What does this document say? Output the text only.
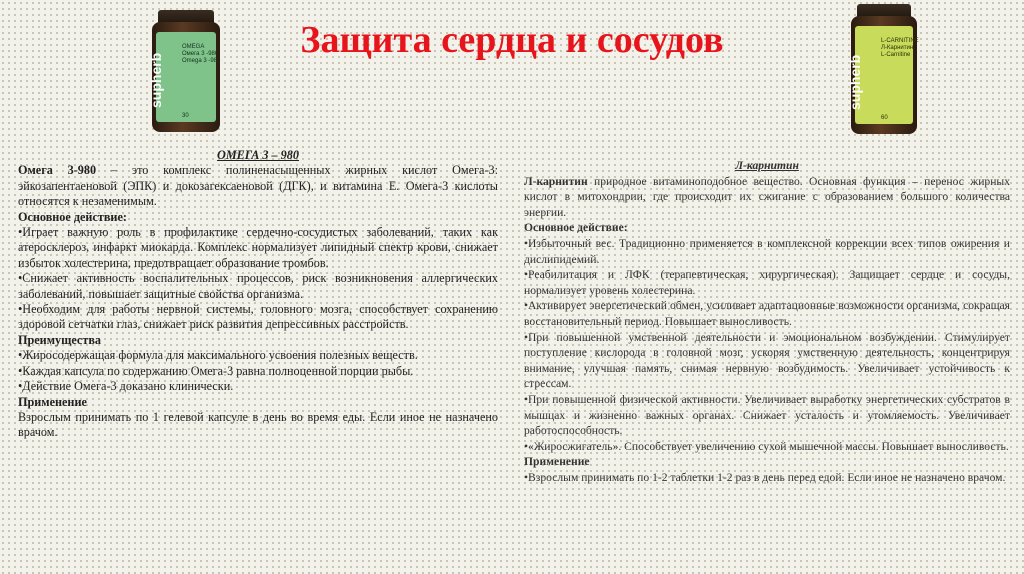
Защита сердца и сосудов
OMEGA
Омега 3 -980
Omega 3 -980
supherb
30
L-CARNITINE
Л-Карнитин
L-Carnitine
supherb
60
ОМЕГА 3 – 980

Омега 3-980 – это комплекс полиненасыщенных жирных кислот Омега-3: эйкозапентаеновой (ЭПК) и докозагексаеновой (ДГК), и витамина Е. Омега-3 кислоты относятся к незаменимым.

Основное действие:

•Играет важную роль в профилактике сердечно-сосудистых заболеваний, таких как атеросклероз, инфаркт миокарда. Комплекс нормализует липидный спектр крови, снижает избыток холестерина, предотвращает образование тромбов.

•Снижает активность воспалительных процессов, риск возникновения аллергических заболеваний, повышает защитные свойства организма.

•Необходим для работы нервной системы, головного мозга, способствует сохранению здоровой сетчатки глаз, снижает риск развития депрессивных расстройств.

Преимущества

•Жиросодержащая формула для максимального усвоения полезных веществ.

•Каждая капсула по содержанию Омега-3 равна полноценной порции рыбы.

•Действие Омега-3 доказано клинически.

Применение

Взрослым принимать по 1 гелевой капсуле в день во время еды. Если иное не назначено врачом.

Л-карнитин

Л-карнитин природное витаминоподобное вещество. Основная функция – перенос жирных кислот в митохондрии, где происходит их сжигание с образованием большого количества энергии.

Основное действие:

•Избыточный вес. Традиционно применяется в комплексной коррекции всех типов ожирения и дислипидемий.

•Реабилитация и ЛФК (терапевтическая, хирургическая). Защищает сердце и сосуды, нормализует уровень холестерина.

•Активирует энергетический обмен, усиливает адаптационные возможности организма, сокращая восстановительный период. Повышает выносливость.

•При повышенной умственной деятельности и эмоциональном возбуждении. Стимулирует поступление кислорода в головной мозг, ускоряя умственную деятельность, концентрируя внимание, улучшая память, снимая нервную возбудимость. Увеличивает устойчивость к стрессам.

•При повышенной физической активности. Увеличивает выработку энергетических субстратов в мышцах и жизненно важных органах. Снижает усталость и утомляемость. Увеличивает работоспособность.

•«Жиросжигатель». Способствует увеличению сухой мышечной массы. Повышает выносливость.

Применение

•Взрослым принимать по 1-2 таблетки 1-2 раз в день перед едой. Если иное не назначено врачом.
